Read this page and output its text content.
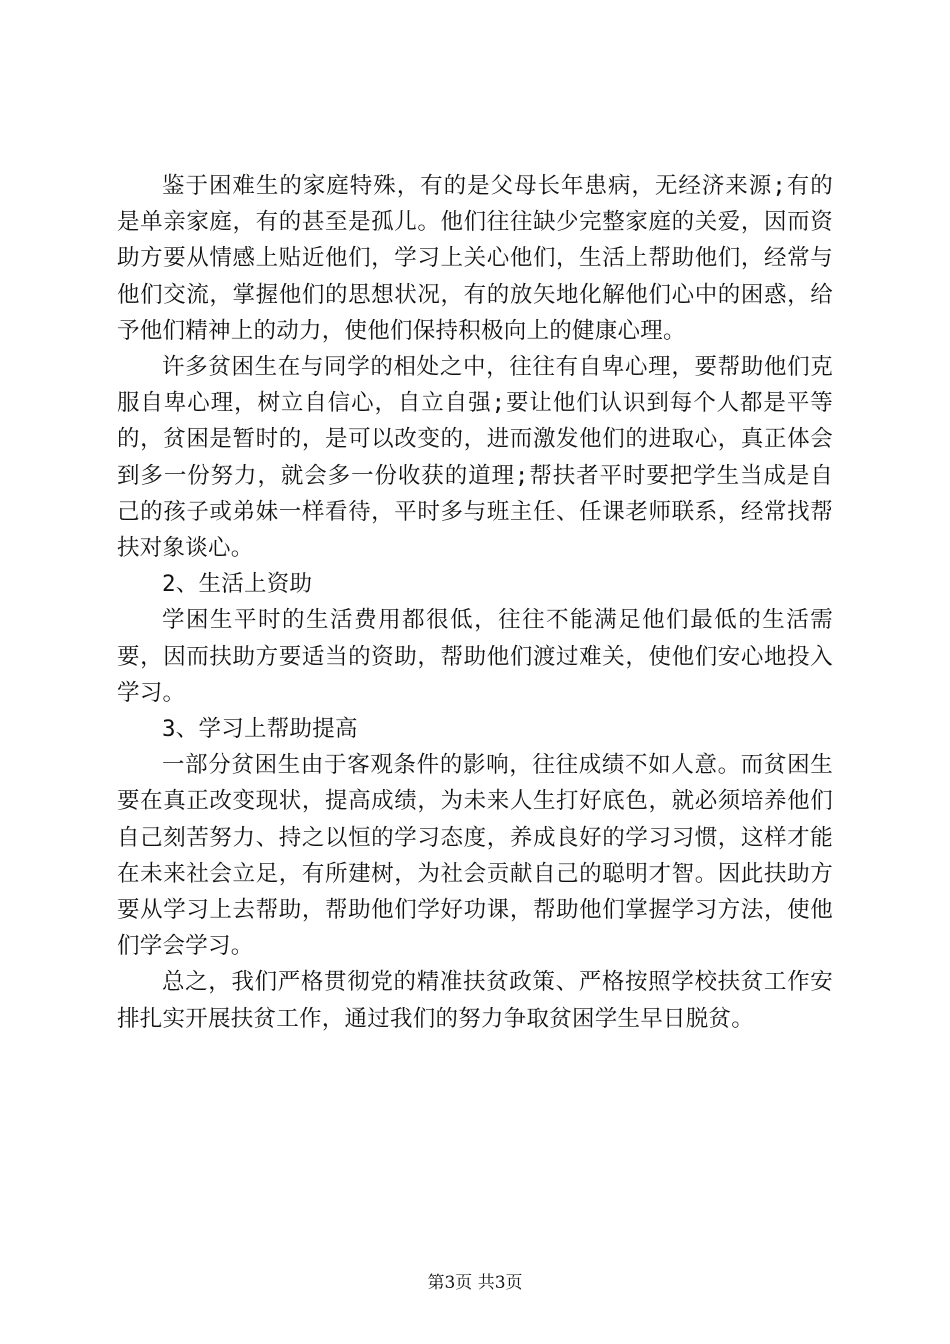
鉴于困难生的家庭特殊，有的是父母长年患病，无经济来源;有的是单亲家庭，有的甚至是孤儿。他们往往缺少完整家庭的关爱，因而资助方要从情感上贴近他们，学习上关心他们，生活上帮助他们，经常与他们交流，掌握他们的思想状况，有的放矢地化解他们心中的困惑，给予他们精神上的动力，使他们保持积极向上的健康心理。

许多贫困生在与同学的相处之中，往往有自卑心理，要帮助他们克服自卑心理，树立自信心，自立自强;要让他们认识到每个人都是平等的，贫困是暂时的，是可以改变的，进而激发他们的进取心，真正体会到多一份努力，就会多一份收获的道理;帮扶者平时要把学生当成是自己的孩子或弟妹一样看待，平时多与班主任、任课老师联系，经常找帮扶对象谈心。

2、生活上资助

学困生平时的生活费用都很低，往往不能满足他们最低的生活需要，因而扶助方要适当的资助，帮助他们渡过难关，使他们安心地投入学习。

3、学习上帮助提高

一部分贫困生由于客观条件的影响，往往成绩不如人意。而贫困生要在真正改变现状，提高成绩，为未来人生打好底色，就必须培养他们自己刻苦努力、持之以恒的学习态度，养成良好的学习习惯，这样才能在未来社会立足，有所建树，为社会贡献自己的聪明才智。因此扶助方要从学习上去帮助，帮助他们学好功课，帮助他们掌握学习方法，使他们学会学习。

总之，我们严格贯彻党的精准扶贫政策、严格按照学校扶贫工作安排扎实开展扶贫工作，通过我们的努力争取贫困学生早日脱贫。

第3页 共3页
